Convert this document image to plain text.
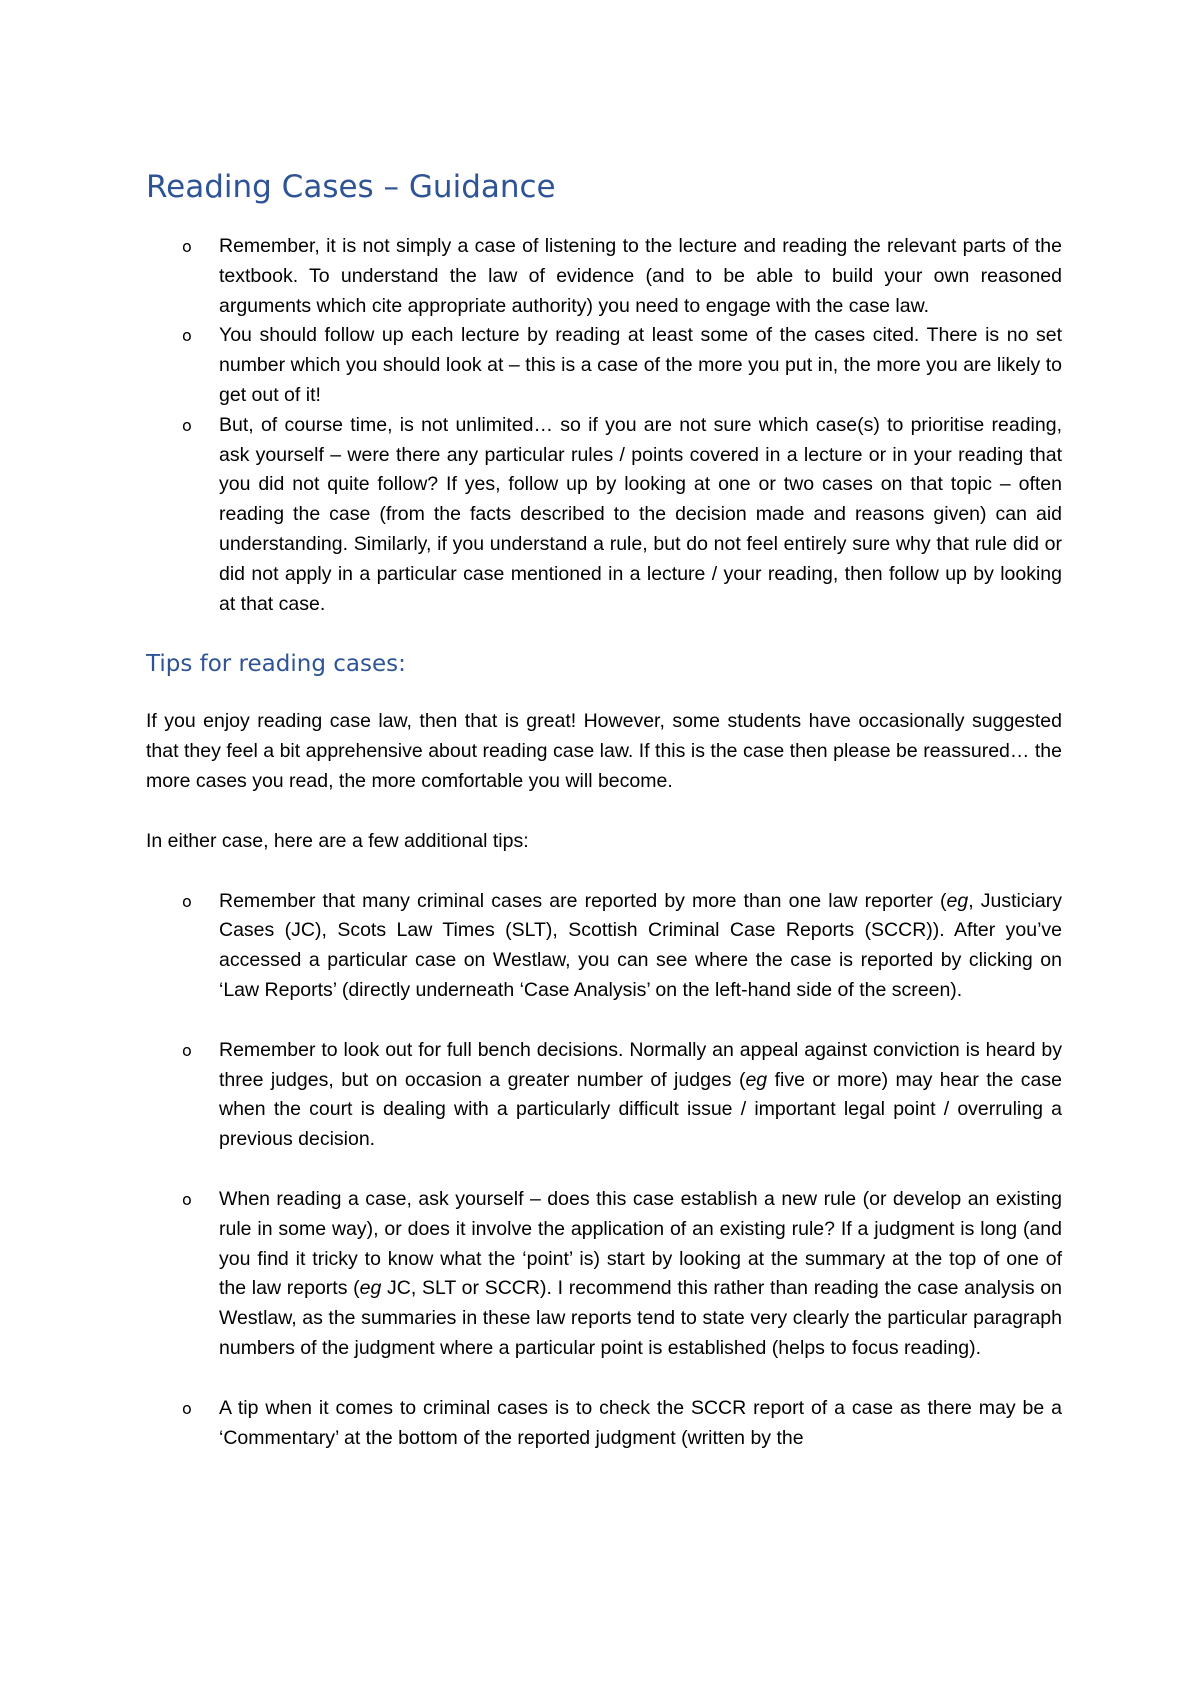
Reading Cases – Guidance
o Remember, it is not simply a case of listening to the lecture and reading the relevant parts of the textbook. To understand the law of evidence (and to be able to build your own reasoned arguments which cite appropriate authority) you need to engage with the case law.
o You should follow up each lecture by reading at least some of the cases cited. There is no set number which you should look at – this is a case of the more you put in, the more you are likely to get out of it!
o But, of course time, is not unlimited… so if you are not sure which case(s) to prioritise reading, ask yourself – were there any particular rules / points covered in a lecture or in your reading that you did not quite follow? If yes, follow up by looking at one or two cases on that topic – often reading the case (from the facts described to the decision made and reasons given) can aid understanding. Similarly, if you understand a rule, but do not feel entirely sure why that rule did or did not apply in a particular case mentioned in a lecture / your reading, then follow up by looking at that case.
Tips for reading cases:

If you enjoy reading case law, then that is great! However, some students have occasionally suggested that they feel a bit apprehensive about reading case law. If this is the case then please be reassured… the more cases you read, the more comfortable you will become.

In either case, here are a few additional tips:

o Remember that many criminal cases are reported by more than one law reporter (eg, Justiciary Cases (JC), Scots Law Times (SLT), Scottish Criminal Case Reports (SCCR)). After you’ve accessed a particular case on Westlaw, you can see where the case is reported by clicking on ‘Law Reports’ (directly underneath ‘Case Analysis’ on the left-hand side of the screen).
o Remember to look out for full bench decisions. Normally an appeal against conviction is heard by three judges, but on occasion a greater number of judges (eg five or more) may hear the case when the court is dealing with a particularly difficult issue / important legal point / overruling a previous decision.
o When reading a case, ask yourself – does this case establish a new rule (or develop an existing rule in some way), or does it involve the application of an existing rule? If a judgment is long (and you find it tricky to know what the ‘point’ is) start by looking at the summary at the top of one of the law reports (eg JC, SLT or SCCR). I recommend this rather than reading the case analysis on Westlaw, as the summaries in these law reports tend to state very clearly the particular paragraph numbers of the judgment where a particular point is established (helps to focus reading).
o A tip when it comes to criminal cases is to check the SCCR report of a case as there may be a ‘Commentary’ at the bottom of the reported judgment (written by the
